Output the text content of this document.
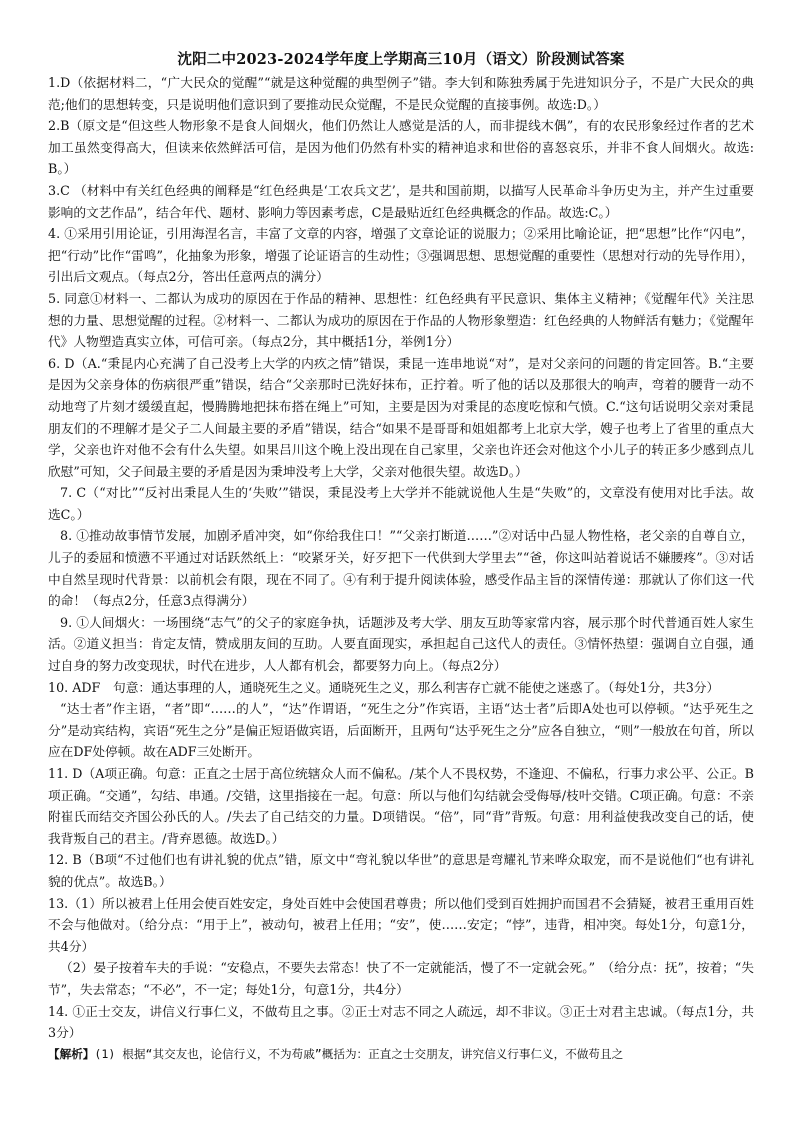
沈阳二中2023-2024学年度上学期高三10月（语文）阶段测试答案

1.D（依据材料二，“广大民众的觉醒”“就是这种觉醒的典型例子”错。李大钊和陈独秀属于先进知识分子，不是广大民众的典范;他们的思想转变，只是说明他们意识到了要推动民众觉醒，不是民众觉醒的直接事例。故选:D。）

2.B（原文是“但这些人物形象不是食人间烟火，他们仍然让人感觉是活的人，而非提线木偶”，有的农民形象经过作者的艺术加工虽然变得高大，但读来依然鲜活可信，是因为他们仍然有朴实的精神追求和世俗的喜怒哀乐，并非不食人间烟火。故选:B。）

3.C （材料中有关红色经典的阐释是“红色经典是‘工农兵文艺’，是共和国前期，以描写人民革命斗争历史为主，并产生过重要影响的文艺作品”，结合年代、题材、影响力等因素考虑，C是最贴近红色经典概念的作品。故选:C。）

4. ①采用引用论证，引用海涅名言，丰富了文章的内容，增强了文章论证的说服力；②采用比喻论证，把“思想”比作“闪电”，把“行动”比作“雷鸣”，化抽象为形象，增强了论证语言的生动性；③强调思想、思想觉醒的重要性（思想对行动的先导作用），引出后文观点。（每点2分，答出任意两点的满分）

5. 同意①材料一、二都认为成功的原因在于作品的精神、思想性：红色经典有平民意识、集体主义精神；《觉醒年代》关注思想的力量、思想觉醒的过程。②材料一、二都认为成功的原因在于作品的人物形象塑造：红色经典的人物鲜活有魅力；《觉醒年代》人物塑造真实立体，可信可亲。（每点2分，其中概括1分，举例1分）

6. D（A.“秉昆内心充满了自己没考上大学的内疚之情”错误，秉昆一连串地说“对”，是对父亲问的问题的肯定回答。B.“主要是因为父亲身体的伤病很严重”错误，结合“父亲那时已洗好抹布，正拧着。听了他的话以及那很大的响声，弯着的腰背一动不动地弯了片刻才缓缓直起，慢腾腾地把抹布搭在绳上”可知，主要是因为对秉昆的态度吃惊和气愤。C.“这句话说明父亲对秉昆朋友们的不理解才是父子二人间最主要的矛盾”错误，结合“如果不是哥哥和姐姐都考上北京大学，嫂子也考上了省里的重点大学，父亲也许对他不会有什么失望。如果吕川这个晚上没出现在自己家里，父亲也许还会对他这个小儿子的转正多少感到点儿欣慰”可知，父子间最主要的矛盾是因为秉坤没考上大学，父亲对他很失望。故选D。）

7. C（“对比”“反衬出秉昆人生的‘失败’”错误，秉昆没考上大学并不能就说他人生是“失败”的，文章没有使用对比手法。故选C。）

8. ①推动故事情节发展，加剧矛盾冲突，如“你给我住口！”“父亲打断道……”②对话中凸显人物性格，老父亲的自尊自立，儿子的委屈和愤懑不平通过对话跃然纸上：“咬紧牙关，好歹把下一代供到大学里去”“爸，你这叫站着说话不嫌腰疼”。③对话中自然呈现时代背景：以前机会有限，现在不同了。④有利于提升阅读体验，感受作品主旨的深情传递：那就认了你们这一代的命！（每点2分，任意3点得满分）

9. ①人间烟火：一场围绕“志气”的父子的家庭争执，话题涉及考大学、朋友互助等家常内容，展示那个时代普通百姓人家生活。②道义担当：肯定友情，赞成朋友间的互助。人要直面现实，承担起自己这代人的责任。③情怀热望：强调自立自强，通过自身的努力改变现状，时代在进步，人人都有机会，都要努力向上。（每点2分）

10. ADF　句意：通达事理的人，通晓死生之义。通晓死生之义，那么利害存亡就不能使之迷惑了。（每处1分，共3分）

“达士者”作主语，“者”即“……的人”，“达”作谓语，“死生之分”作宾语，主语“达士者”后即A处也可以停顿。“达乎死生之分”是动宾结构，宾语“死生之分”是偏正短语做宾语，后面断开，且两句“达乎死生之分”应各自独立，“则”一般放在句首，所以应在DF处停顿。故在ADF三处断开。

11. D（A项正确。句意：正直之士居于高位统辖众人而不偏私。/某个人不畏权势，不逢迎、不偏私，行事力求公平、公正。B项正确。“交通”，勾结、串通。/交错，这里指接在一起。句意：所以与他们勾结就会受侮辱/枝叶交错。C项正确。句意：不亲附崔氏而结交齐国公孙氏的人。/失去了自己结交的力量。D项错误。“倍”，同“背”背叛。句意：用利益使我改变自己的话，使我背叛自己的君主。/背弃恩德。故选D。）

12. B（B项“不过他们也有讲礼貌的优点”错，原文中“弯礼貌以华世”的意思是弯耀礼节来哗众取宠，而不是说他们“也有讲礼貌的优点”。故选B。）

13.（1）所以被君上任用会使百姓安定，身处百姓中会使国君尊贵；所以他们受到百姓拥护而国君不会猜疑，被君王重用百姓不会与他做对。（给分点：“用于上”，被动句，被君上任用；“安”，使……安定；“悖”，违背，相冲突。每处1分，句意1分，共4分）

（2）晏子按着车夫的手说：“安稳点，不要失去常态！快了不一定就能活，慢了不一定就会死。”　（给分点：抚”，按着；“失节”，失去常态；“不必”，不一定；每处1分，句意1分，共4分）

14. ①正士交友，讲信义行事仁义，不做苟且之事。②正士对志不同之人疏远，却不非议。③正士对君主忠诚。（每点1分，共3分）

【解析】(1) 根据“其交友也，论信行义，不为苟戚”概括为：正直之士交朋友，讲究信义行事仁义，不做苟且之
